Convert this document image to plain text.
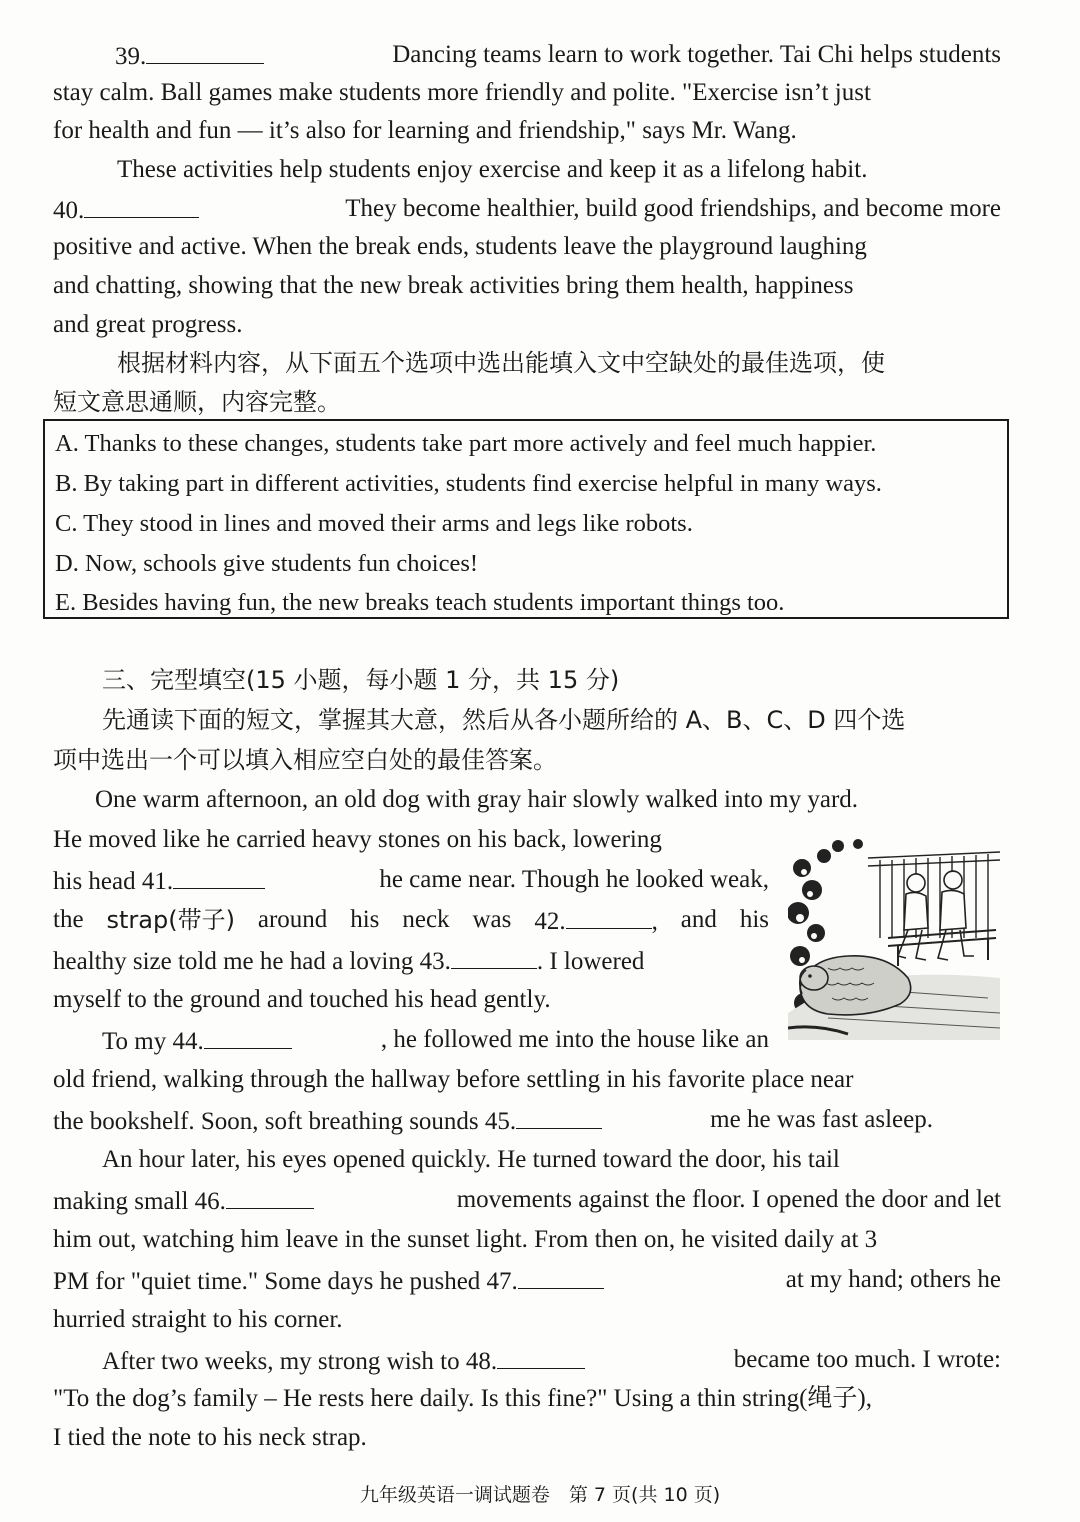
39.	Dancing teams learn to work together. Tai Chi helps students
stay calm. Ball games make students more friendly and polite. "Exercise isn’t just
for health and fun — it’s also for learning and friendship," says Mr. Wang.
These activities help students enjoy exercise and keep it as a lifelong habit.
40.	They become healthier, build good friendships, and become more
positive and active. When the break ends, students leave the playground laughing
and chatting, showing that the new break activities bring them health, happiness
and great progress.
根据材料内容，从下面五个选项中选出能填入文中空缺处的最佳选项，使
短文意思通顺，内容完整。
A. Thanks to these changes, students take part more actively and feel much happier.
B. By taking part in different activities, students find exercise helpful in many ways.
C. They stood in lines and moved their arms and legs like robots.
D. Now, schools give students fun choices!
E. Besides having fun, the new breaks teach students important things too.
三、完型填空(15 小题，每小题 1 分，共 15 分)
先通读下面的短文，掌握其大意，然后从各小题所给的 A、B、C、D 四个选
项中选出一个可以填入相应空白处的最佳答案。
One warm afternoon, an old dog with gray hair slowly walked into my yard.
He moved like he carried heavy stones on his back, lowering
his head 41.	he came near. Though he looked weak,
the strap(带子) around his neck was 42.	, and his
healthy size told me he had a loving 43.	. I lowered
myself to the ground and touched his head gently.
To my 44.	, he followed me into the house like an
old friend, walking through the hallway before settling in his favorite place near
the bookshelf. Soon, soft breathing sounds 45.	me he was fast asleep.
An hour later, his eyes opened quickly. He turned toward the door, his tail
making small 46.	movements against the floor. I opened the door and let
him out, watching him leave in the sunset light. From then on, he visited daily at 3
PM for "quiet time." Some days he pushed 47.	at my hand; others he
hurried straight to his corner.
After two weeks, my strong wish to 48.	became too much. I wrote:
"To the dog’s family – He rests here daily. Is this fine?" Using a thin string(绳子),
I tied the note to his neck strap.
九年级英语一调试题卷　第 7 页(共 10 页)
